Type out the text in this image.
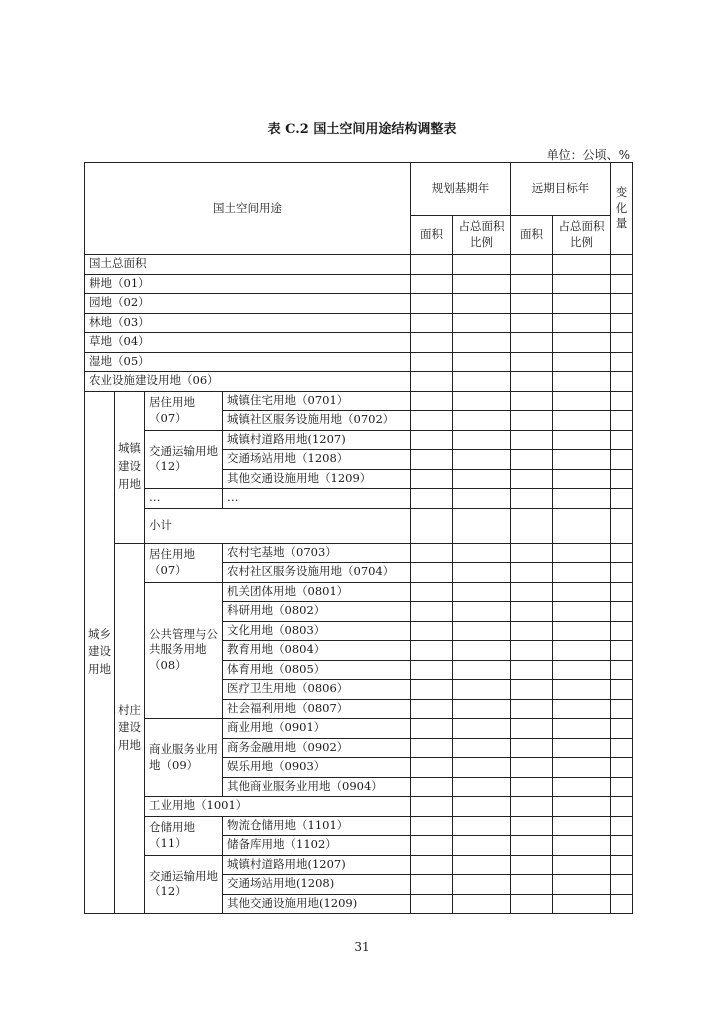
表 C.2 国土空间用途结构调整表
单位：公顷、%
国土空间用途				规划基期年		远期目标年		变化量
				面积	占总面积比例	面积	占总面积比例	
国土总面积								
耕地（01）								
园地（02）								
林地（03）								
草地（04）								
湿地（05）								
农业设施建设用地（06）								
城乡建设用地	城镇建设用地	居住用地（07）	城镇住宅用地（0701）					
			城镇社区服务设施用地（0702）					
		交通运输用地（12）	城镇村道路用地(1207)					
			交通场站用地（1208）					
			其他交通设施用地（1209）					
		…	…					
		小计						
	村庄建设用地	居住用地（07）	农村宅基地（0703）					
			农村社区服务设施用地（0704）					
		公共管理与公共服务用地（08）	机关团体用地（0801）					
			科研用地（0802）					
			文化用地（0803）					
			教育用地（0804）					
			体育用地（0805）					
			医疗卫生用地（0806）					
			社会福利用地（0807）					
		商业服务业用地（09）	商业用地（0901）					
			商务金融用地（0902）					
			娱乐用地（0903）					
			其他商业服务业用地（0904）					
		工业用地（1001）						
		仓储用地（11）	物流仓储用地（1101）					
			储备库用地（1102）					
		交通运输用地（12）	城镇村道路用地(1207)					
			交通场站用地(1208)					
			其他交通设施用地(1209)					
31
